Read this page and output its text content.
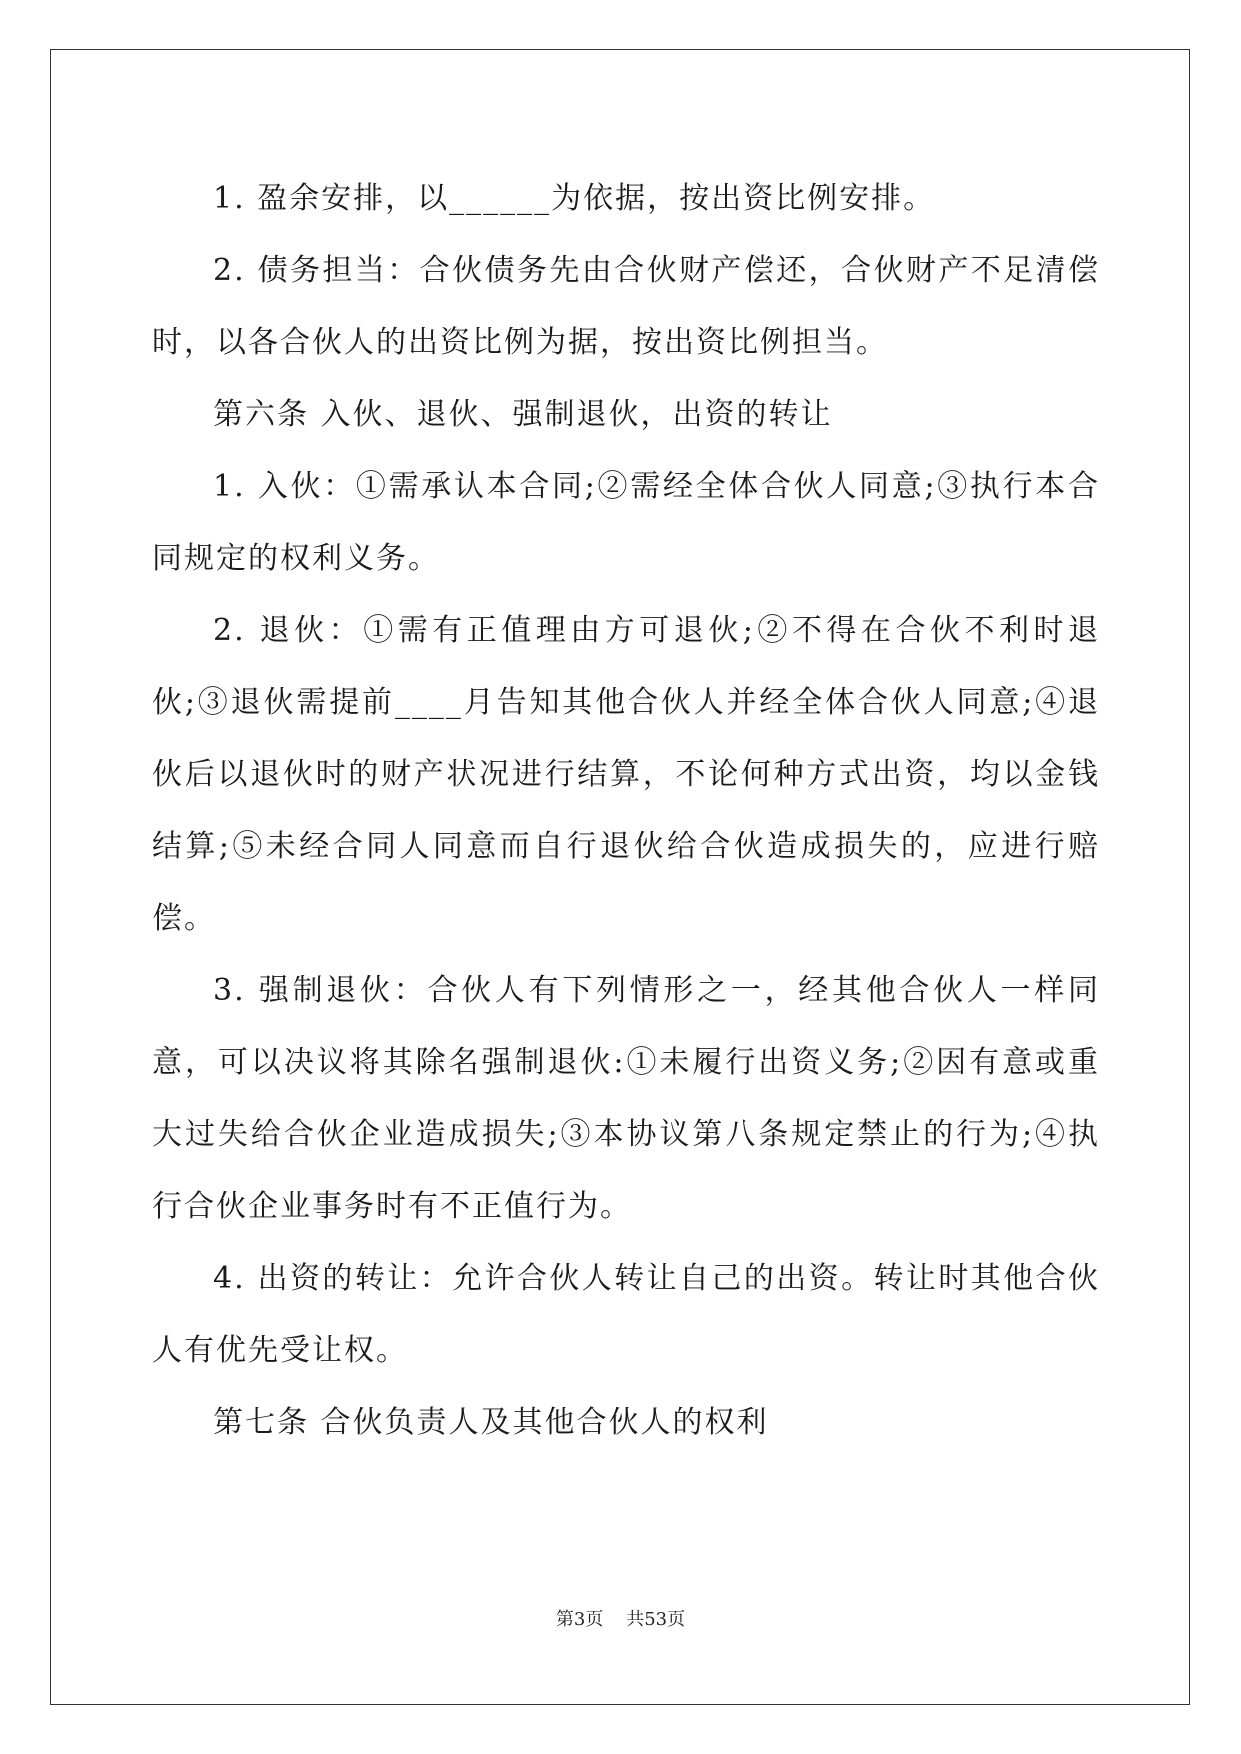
1. 盈余安排，以______为依据，按出资比例安排。

2. 债务担当：合伙债务先由合伙财产偿还，合伙财产不足清偿时，以各合伙人的出资比例为据，按出资比例担当。

第六条 入伙、退伙、强制退伙，出资的转让

1. 入伙：①需承认本合同;②需经全体合伙人同意;③执行本合同规定的权利义务。

2. 退伙：①需有正值理由方可退伙;②不得在合伙不利时退伙;③退伙需提前____月告知其他合伙人并经全体合伙人同意;④退伙后以退伙时的财产状况进行结算，不论何种方式出资，均以金钱结算;⑤未经合同人同意而自行退伙给合伙造成损失的，应进行赔偿。

3. 强制退伙：合伙人有下列情形之一，经其他合伙人一样同意，可以决议将其除名强制退伙:①未履行出资义务;②因有意或重大过失给合伙企业造成损失;③本协议第八条规定禁止的行为;④执行合伙企业事务时有不正值行为。

4. 出资的转让：允许合伙人转让自己的出资。转让时其他合伙人有优先受让权。

第七条 合伙负责人及其他合伙人的权利

第3页 共53页
